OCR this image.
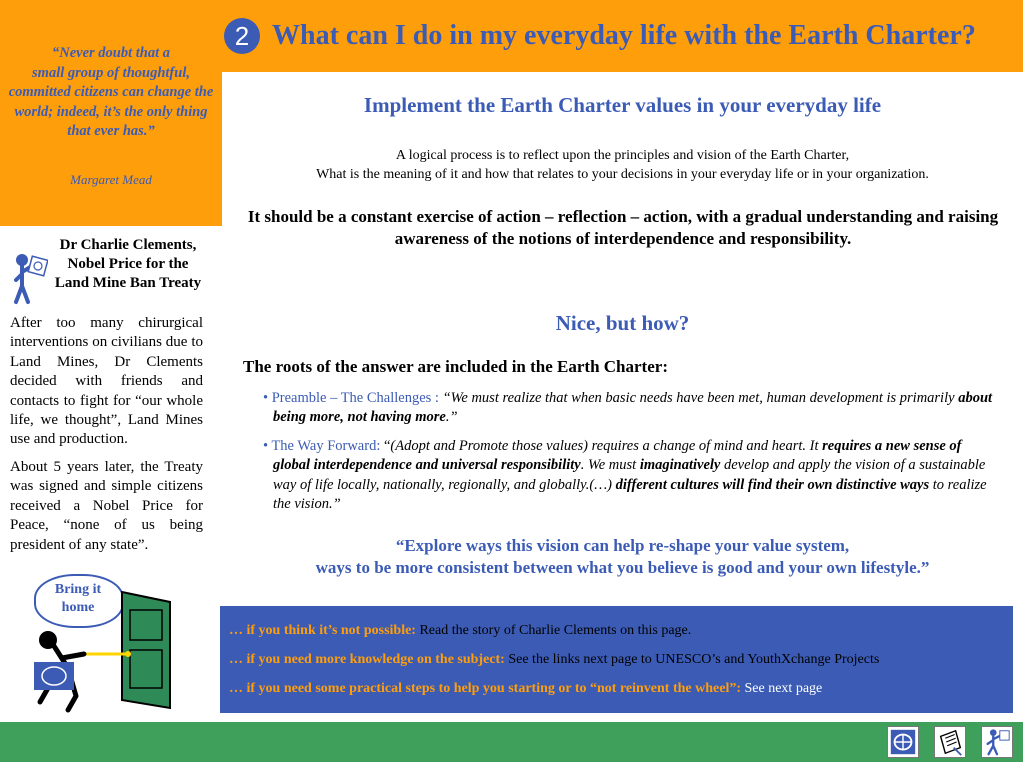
2 What can I do in my everyday life with the Earth Charter?
“Never doubt that a
small group of thoughtful, committed citizens can change the world; indeed, it’s the only thing that ever has.”
Margaret Mead
Dr Charlie Clements, Nobel Price for the Land Mine Ban Treaty
After too many chirurgical interventions on civilians due to Land Mines, Dr Clements decided with friends and contacts to fight for “our whole life, we thought”, Land Mines use and production.
About 5 years later, the Treaty was signed and simple citizens received a Nobel Price for Peace, “none of us being president of any state”.
Bring it
home
Implement the Earth Charter values in your everyday life
A logical process is to reflect upon the principles and vision of the Earth Charter,
What is the meaning of it and how that relates to your decisions in your everyday life or in your organization.
It should be a constant exercise of action – reflection – action, with a gradual understanding and raising awareness of the notions of interdependence and responsibility.
Nice, but how?
The roots of the answer are included in the Earth Charter:
• Preamble – The Challenges : “We must realize that when basic needs have been met, human development is primarily about being more, not having more.”
• The Way Forward: “(Adopt and Promote those values) requires a change of mind and heart. It requires a new sense of global interdependence and universal responsibility. We must imaginatively develop and apply the vision of a sustainable way of life locally, nationally, regionally, and globally.(…) different cultures will find their own distinctive ways to realize the vision.”
“Explore ways this vision can help re-shape your value system,
ways to be more consistent between what you believe is good and your own lifestyle.”
… if you think it’s not possible: Read the story of Charlie Clements on this page.
… if you need more knowledge on the subject: See the links next page to UNESCO’s and YouthXchange Projects
… if you need some practical steps to help you starting or to “not reinvent the wheel”: See next page
